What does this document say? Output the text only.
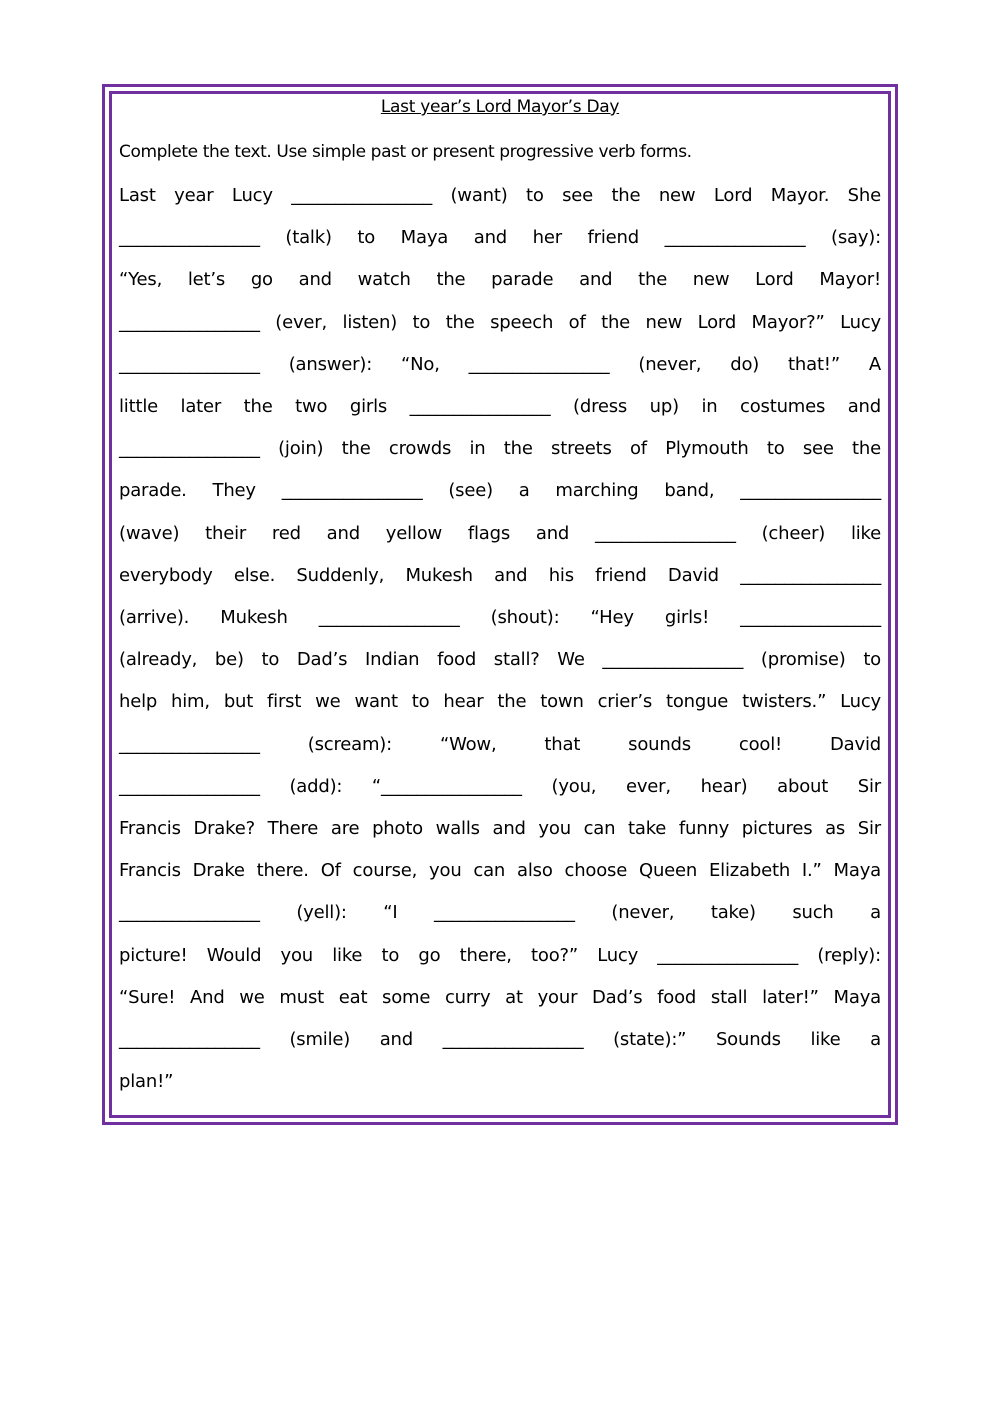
Last year’s Lord Mayor’s Day

Complete the text. Use simple past or present progressive verb forms.

Last year Lucy ________________ (want) to see the new Lord Mayor. She
________________ (talk) to Maya and her friend ________________ (say):
“Yes, let’s go and watch the parade and the new Lord Mayor!
________________ (ever, listen) to the speech of the new Lord Mayor?” Lucy
________________ (answer): “No, ________________ (never, do) that!” A
little later the two girls ________________ (dress up) in costumes and
________________ (join) the crowds in the streets of Plymouth to see the
parade. They ________________ (see) a marching band, ________________
(wave) their red and yellow flags and ________________ (cheer) like
everybody else. Suddenly, Mukesh and his friend David ________________
(arrive). Mukesh ________________ (shout): “Hey girls! ________________
(already, be) to Dad’s Indian food stall? We ________________ (promise) to
help him, but first we want to hear the town crier’s tongue twisters.” Lucy
________________ (scream): “Wow, that sounds cool! David
________________ (add): “________________ (you, ever, hear) about Sir
Francis Drake? There are photo walls and you can take funny pictures as Sir
Francis Drake there. Of course, you can also choose Queen Elizabeth I.” Maya
________________ (yell): “I ________________ (never, take) such a
picture! Would you like to go there, too?” Lucy ________________ (reply):
“Sure! And we must eat some curry at your Dad’s food stall later!” Maya
________________ (smile) and ________________ (state):” Sounds like a
plan!”
